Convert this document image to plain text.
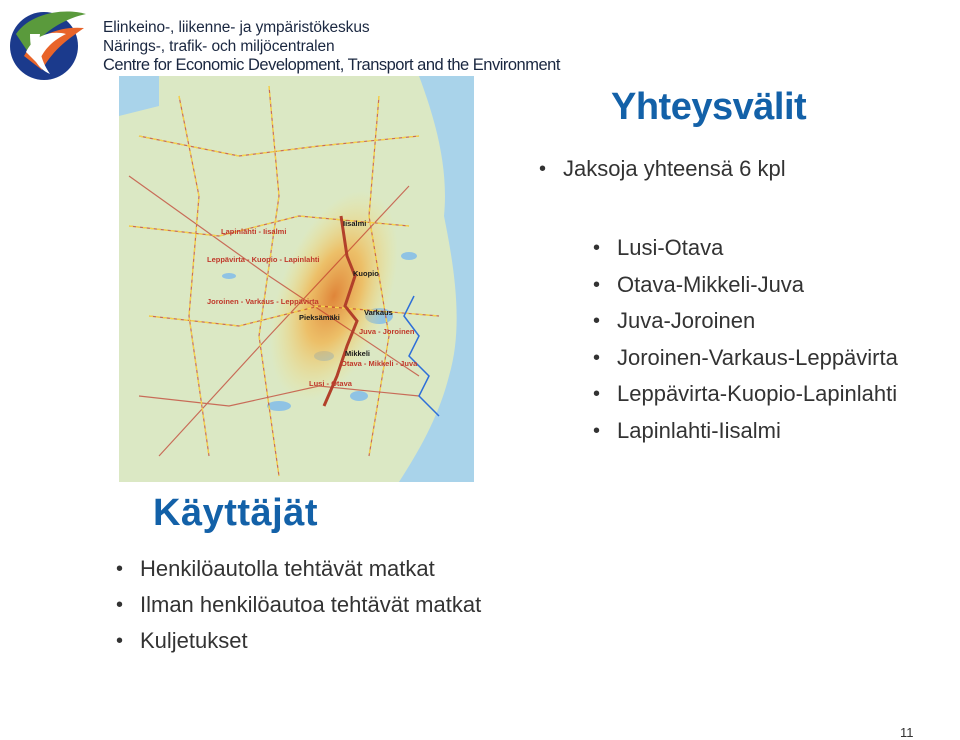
Elinkeino-, liikenne- ja ympäristökeskus
Närings-, trafik- och miljöcentralen
Centre for Economic Development, Transport and the Environment
Iisalmi
Kuopio
Pieksämäki
Varkaus
Mikkeli
Lapinlahti - Iisalmi
Leppävirta - Kuopio - Lapinlahti
Joroinen - Varkaus - Leppävirta
Juva - Joroinen
Otava - Mikkeli - Juva
Lusi - Otava
Yhteysvälit
• Jaksoja yhteensä 6 kpl
• Lusi-Otava
• Otava-Mikkeli-Juva
• Juva-Joroinen
• Joroinen-Varkaus-Leppävirta
• Leppävirta-Kuopio-Lapinlahti
• Lapinlahti-Iisalmi
Käyttäjät
• Henkilöautolla tehtävät matkat
• Ilman henkilöautoa tehtävät matkat
• Kuljetukset
11
